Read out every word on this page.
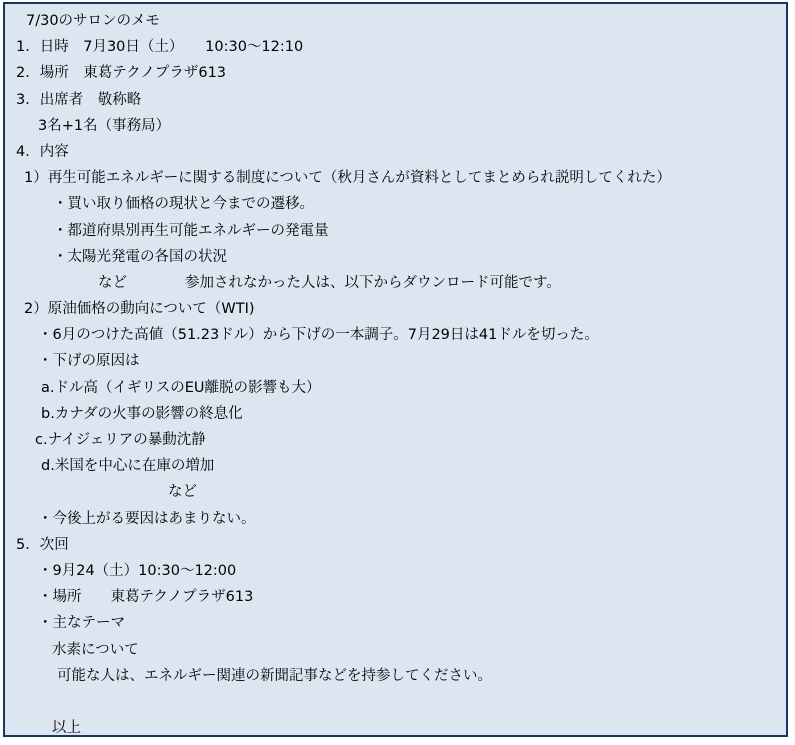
7/30のサロンのメモ
1．日時　7月30日（土）　　10:30～12:10
2．場所　東葛テクノプラザ613
3．出席者　敬称略
3名+1名（事務局）
4．内容
1）再生可能エネルギーに関する制度について（秋月さんが資料としてまとめられ説明してくれた）
・買い取り価格の現状と今までの遷移。
・都道府県別再生可能エネルギーの発電量
・太陽光発電の各国の状況
など　　　　参加されなかった人は、以下からダウンロード可能です。
2）原油価格の動向について（WTI)
・6月のつけた高値（51.23ドル）から下げの一本調子。7月29日は41ドルを切った。
・下げの原因は
a.ドル高（イギリスのEU離脱の影響も大）
b.カナダの火事の影響の終息化
c.ナイジェリアの暴動沈静
d.米国を中心に在庫の増加
など
・今後上がる要因はあまりない。
5．次回
・9月24（土）10:30～12:00
・場所　　東葛テクノプラザ613
・主なテーマ
水素について
可能な人は、エネルギー関連の新聞記事などを持参してください。
以上
